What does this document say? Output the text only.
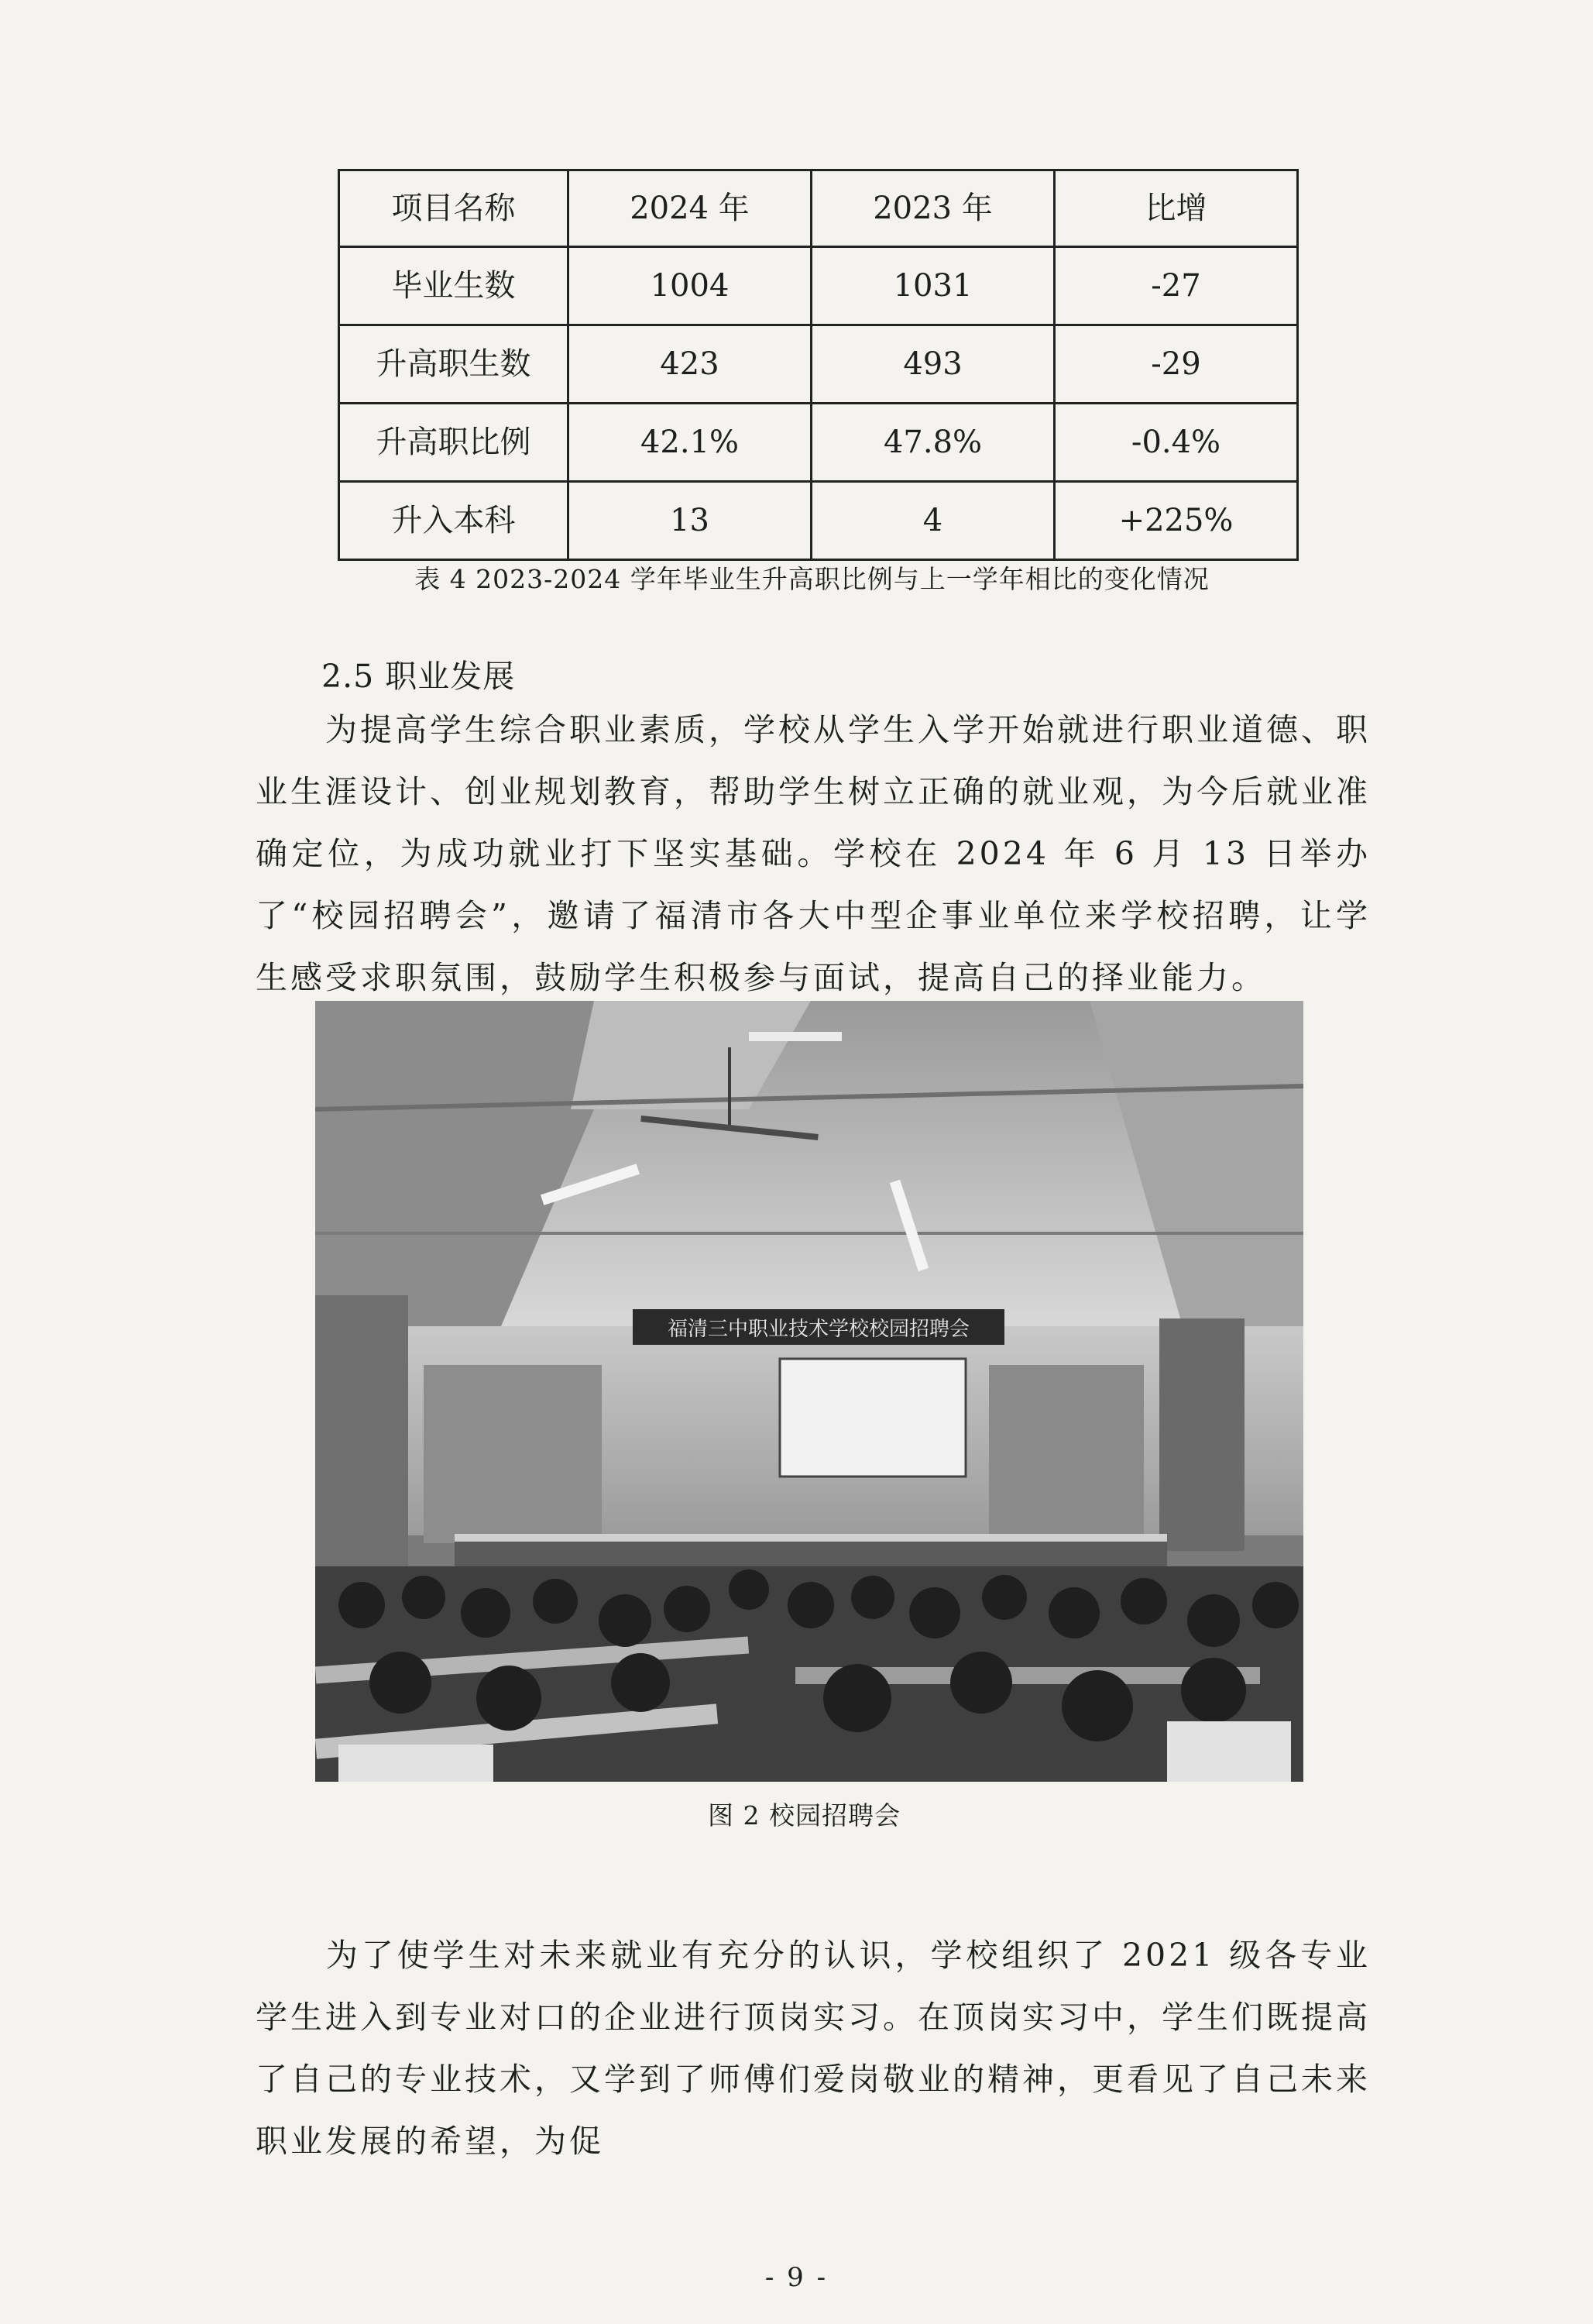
项目名称	2024 年	2023 年	比增
毕业生数	1004	1031	-27
升高职生数	423	493	-29
升高职比例	42.1%	47.8%	-0.4%
升入本科	13	4	+225%
表 4 2023-2024 学年毕业生升高职比例与上一学年相比的变化情况
2.5 职业发展

为提高学生综合职业素质，学校从学生入学开始就进行职业道德、职业生涯设计、创业规划教育，帮助学生树立正确的就业观，为今后就业准确定位，为成功就业打下坚实基础。学校在 2024 年 6 月 13 日举办了“校园招聘会”，邀请了福清市各大中型企事业单位来学校招聘，让学生感受求职氛围，鼓励学生积极参与面试，提高自己的择业能力。

福清三中职业技术学校校园招聘会
图 2 校园招聘会

为了使学生对未来就业有充分的认识，学校组织了 2021 级各专业学生进入到专业对口的企业进行顶岗实习。在顶岗实习中，学生们既提高了自己的专业技术，又学到了师傅们爱岗敬业的精神，更看见了自己未来职业发展的希望，为促

- 9 -
